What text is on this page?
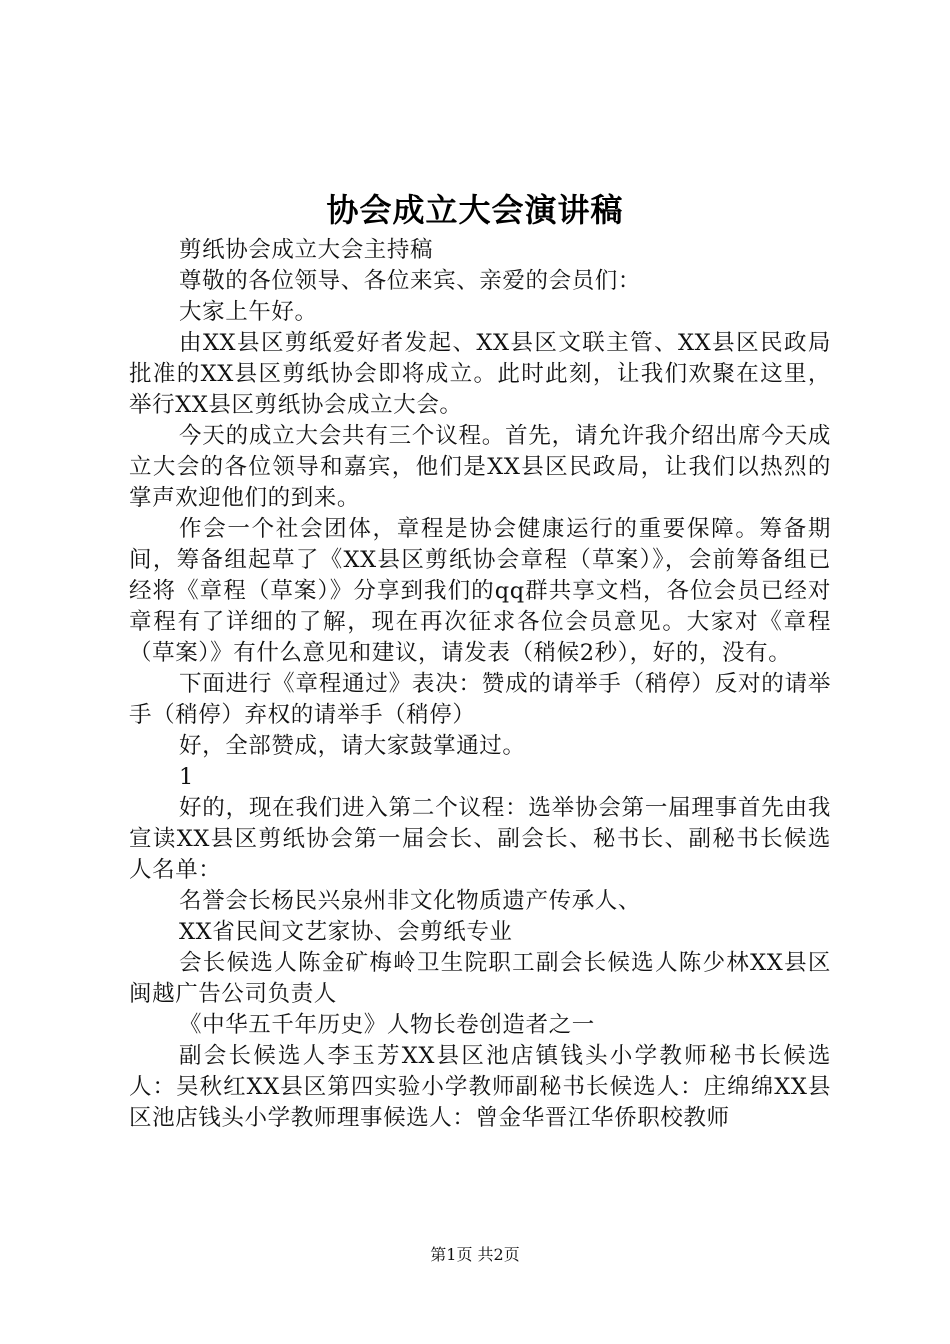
协会成立大会演讲稿

剪纸协会成立大会主持稿

尊敬的各位领导、各位来宾、亲爱的会员们：

大家上午好。

由XX县区剪纸爱好者发起、XX县区文联主管、XX县区民政局批准的XX县区剪纸协会即将成立。此时此刻，让我们欢聚在这里，举行XX县区剪纸协会成立大会。

今天的成立大会共有三个议程。首先，请允许我介绍出席今天成立大会的各位领导和嘉宾，他们是XX县区民政局，让我们以热烈的掌声欢迎他们的到来。

作会一个社会团体，章程是协会健康运行的重要保障。筹备期间，筹备组起草了《XX县区剪纸协会章程（草案）》，会前筹备组已经将《章程（草案）》分享到我们的qq群共享文档，各位会员已经对章程有了详细的了解，现在再次征求各位会员意见。大家对《章程（草案）》有什么意见和建议，请发表（稍候2秒），好的，没有。

下面进行《章程通过》表决：赞成的请举手（稍停）反对的请举手（稍停）弃权的请举手（稍停）

好，全部赞成，请大家鼓掌通过。

1

好的，现在我们进入第二个议程：选举协会第一届理事首先由我宣读XX县区剪纸协会第一届会长、副会长、秘书长、副秘书长候选人名单：

名誉会长杨民兴泉州非文化物质遗产传承人、

XX省民间文艺家协、会剪纸专业

会长候选人陈金矿梅岭卫生院职工副会长候选人陈少林XX县区闽越广告公司负责人

《中华五千年历史》人物长卷创造者之一

副会长候选人李玉芳XX县区池店镇钱头小学教师秘书长候选人：吴秋红XX县区第四实验小学教师副秘书长候选人：庄绵绵XX县区池店钱头小学教师理事候选人：曾金华晋江华侨职校教师

第1页 共2页
